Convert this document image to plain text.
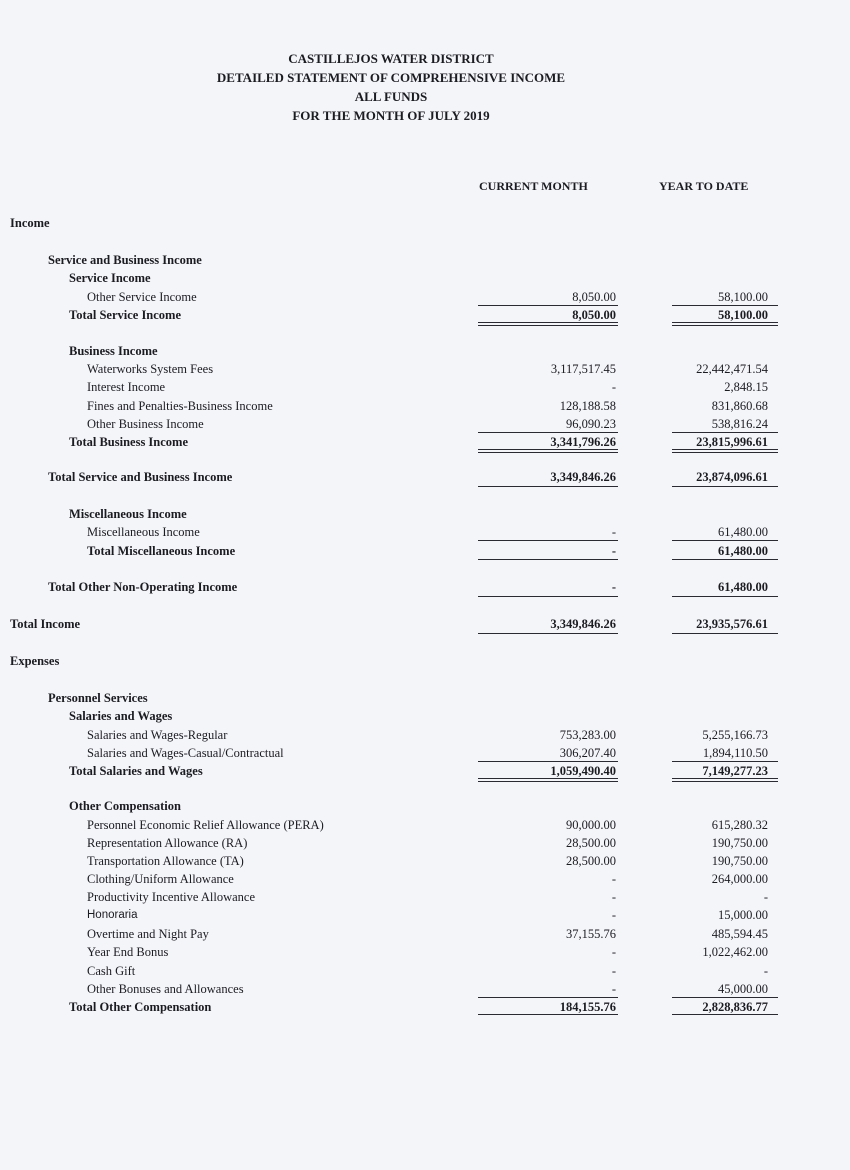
CASTILLEJOS WATER DISTRICT
DETAILED STATEMENT OF COMPREHENSIVE INCOME
ALL FUNDS
FOR THE MONTH OF JULY 2019
CURRENT MONTH	YEAR TO DATE
Income
Service and Business Income
Service Income
Other Service Income	8,050.00	58,100.00
Total Service Income	8,050.00	58,100.00
Business Income
Waterworks System Fees	3,117,517.45	22,442,471.54
Interest Income	-	2,848.15
Fines and Penalties-Business Income	128,188.58	831,860.68
Other Business Income	96,090.23	538,816.24
Total Business Income	3,341,796.26	23,815,996.61
Total Service and Business Income	3,349,846.26	23,874,096.61
Miscellaneous Income
Miscellaneous Income	-	61,480.00
Total Miscellaneous Income	-	61,480.00
Total Other Non-Operating Income	-	61,480.00
Total Income	3,349,846.26	23,935,576.61
Expenses
Personnel Services
Salaries and Wages
Salaries and Wages-Regular	753,283.00	5,255,166.73
Salaries and Wages-Casual/Contractual	306,207.40	1,894,110.50
Total Salaries and Wages	1,059,490.40	7,149,277.23
Other Compensation
Personnel Economic Relief Allowance (PERA)	90,000.00	615,280.32
Representation Allowance (RA)	28,500.00	190,750.00
Transportation Allowance (TA)	28,500.00	190,750.00
Clothing/Uniform Allowance	-	264,000.00
Productivity Incentive Allowance	-	-
Honoraria	-	15,000.00
Overtime and Night Pay	37,155.76	485,594.45
Year End Bonus	-	1,022,462.00
Cash Gift	-	-
Other Bonuses and Allowances	-	45,000.00
Total Other Compensation	184,155.76	2,828,836.77
